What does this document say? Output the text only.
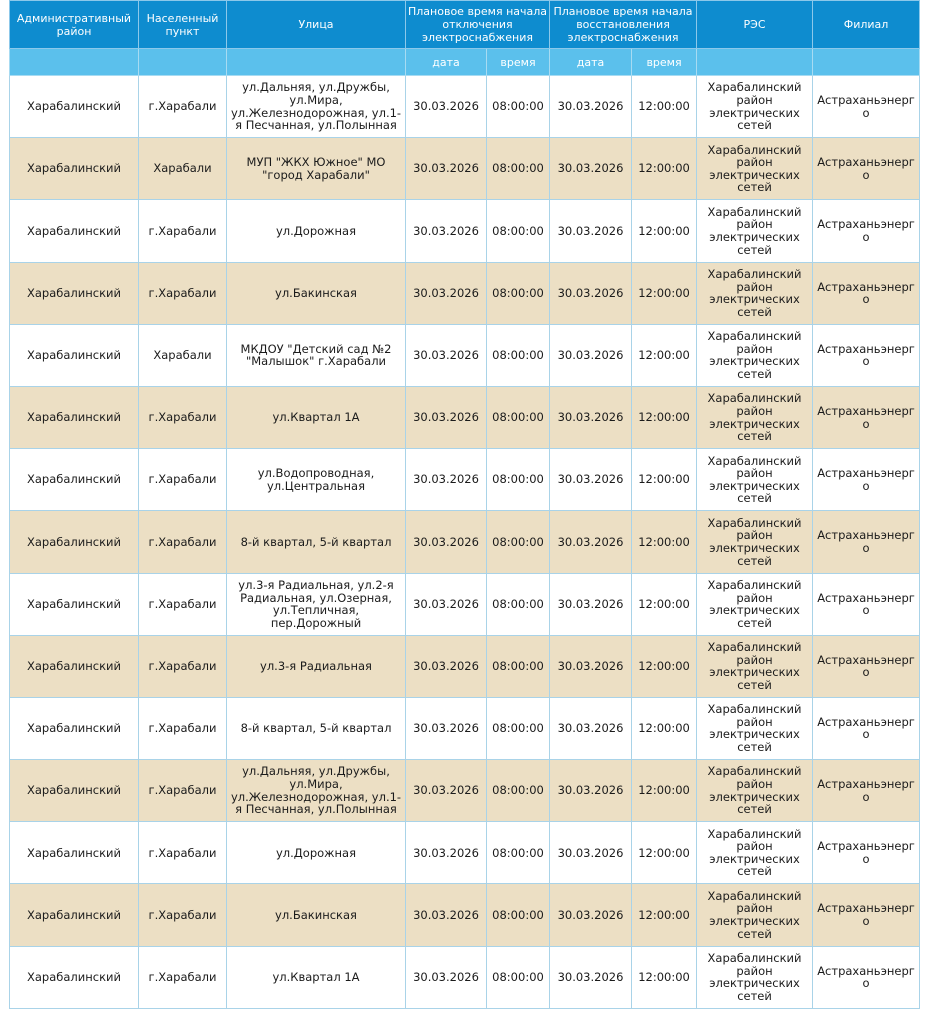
Административный район	Населенный пункт	Улица	Плановое время начала отключения электроснабжения		Плановое время начала восстановления электроснабжения		РЭС	Филиал
			дата	время	дата	время		
Харабалинский	г.Харабали	ул.Дальняя, ул.Дружбы, ул.Мира, ул.Железнодорожная, ул.1-я Песчанная, ул.Полынная	30.03.2026	08:00:00	30.03.2026	12:00:00	Харабалинский район электрических сетей	Астраханьэнерго
Харабалинский	Харабали	МУП "ЖКХ Южное" МО "город Харабали"	30.03.2026	08:00:00	30.03.2026	12:00:00	Харабалинский район электрических сетей	Астраханьэнерго
Харабалинский	г.Харабали	ул.Дорожная	30.03.2026	08:00:00	30.03.2026	12:00:00	Харабалинский район электрических сетей	Астраханьэнерго
Харабалинский	г.Харабали	ул.Бакинская	30.03.2026	08:00:00	30.03.2026	12:00:00	Харабалинский район электрических сетей	Астраханьэнерго
Харабалинский	Харабали	МКДОУ "Детский сад №2 "Малышок" г.Харабали	30.03.2026	08:00:00	30.03.2026	12:00:00	Харабалинский район электрических сетей	Астраханьэнерго
Харабалинский	г.Харабали	ул.Квартал 1А	30.03.2026	08:00:00	30.03.2026	12:00:00	Харабалинский район электрических сетей	Астраханьэнерго
Харабалинский	г.Харабали	ул.Водопроводная, ул.Центральная	30.03.2026	08:00:00	30.03.2026	12:00:00	Харабалинский район электрических сетей	Астраханьэнерго
Харабалинский	г.Харабали	8-й квартал, 5-й квартал	30.03.2026	08:00:00	30.03.2026	12:00:00	Харабалинский район электрических сетей	Астраханьэнерго
Харабалинский	г.Харабали	ул.3-я Радиальная, ул.2-я Радиальная, ул.Озерная, ул.Тепличная, пер.Дорожный	30.03.2026	08:00:00	30.03.2026	12:00:00	Харабалинский район электрических сетей	Астраханьэнерго
Харабалинский	г.Харабали	ул.3-я Радиальная	30.03.2026	08:00:00	30.03.2026	12:00:00	Харабалинский район электрических сетей	Астраханьэнерго
Харабалинский	г.Харабали	8-й квартал, 5-й квартал	30.03.2026	08:00:00	30.03.2026	12:00:00	Харабалинский район электрических сетей	Астраханьэнерго
Харабалинский	г.Харабали	ул.Дальняя, ул.Дружбы, ул.Мира, ул.Железнодорожная, ул.1-я Песчанная, ул.Полынная	30.03.2026	08:00:00	30.03.2026	12:00:00	Харабалинский район электрических сетей	Астраханьэнерго
Харабалинский	г.Харабали	ул.Дорожная	30.03.2026	08:00:00	30.03.2026	12:00:00	Харабалинский район электрических сетей	Астраханьэнерго
Харабалинский	г.Харабали	ул.Бакинская	30.03.2026	08:00:00	30.03.2026	12:00:00	Харабалинский район электрических сетей	Астраханьэнерго
Харабалинский	г.Харабали	ул.Квартал 1А	30.03.2026	08:00:00	30.03.2026	12:00:00	Харабалинский район электрических сетей	Астраханьэнерго
